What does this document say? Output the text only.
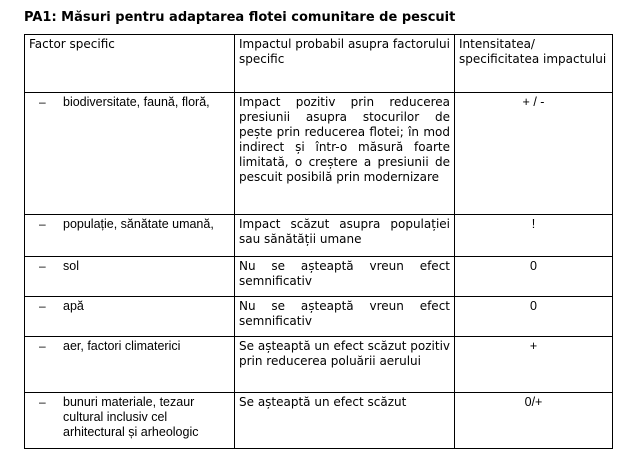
PA1: Măsuri pentru adaptarea flotei comunitare de pescuit
Factor specific	Impactul probabil asupra factorului specific	Intensitatea/ specificitatea impactului

– biodiversitate, faună, floră,	Impact pozitiv prin reducerea presiunii asupra stocurilor de pește prin reducerea flotei; în mod indirect și într-o măsură foarte limitată, o creștere a presiunii de pescuit posibilă prin modernizare	+ / -

– populație, sănătate umană,	Impact scăzut asupra populației sau sănătății umane	!

– sol	Nu se așteaptă vreun efect semnificativ	0

– apă	Nu se așteaptă vreun efect semnificativ	0

– aer, factori climaterici	Se așteaptă un efect scăzut pozitiv prin reducerea poluării aerului	+

– bunuri materiale, tezaur cultural inclusiv cel arhitectural și arheologic	Se așteaptă un efect scăzut	0/+
